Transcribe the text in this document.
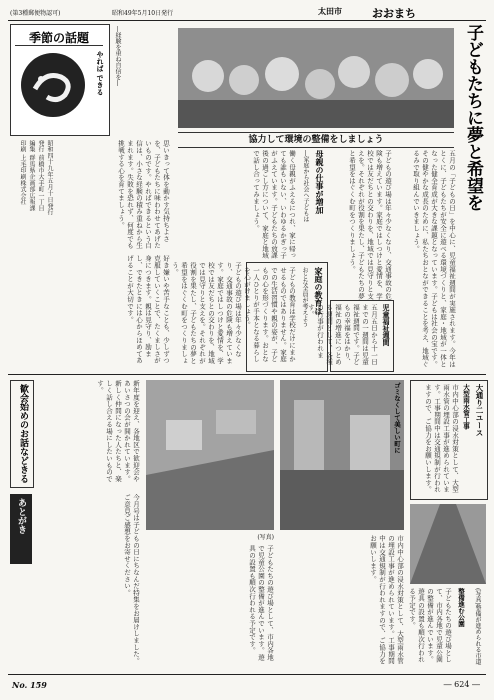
(第3種郵便物認可)	昭和49年5月10日発行	太田市	おおまち
季節の話題
やれば できる	―経験を重ね自信を―
昭和四十九年五月十日発行
発行 前橋市大手町一丁目
編集 群馬県企画部広報課
印刷 上毛印刷株式会社	思いきって体を動かす気持ちよさを、子どもたちに味わわせてあげたいものです。やればできるという自信は、小さな経験の積み重ねから生まれます。失敗を恐れず、何度でも挑戦する心を育てましょう。
好き嫌いや苦手なことも、少しずつ克服していくことで、たくましさが身につきます。親は見守り、励まし、できたときには心からほめてあげることが大切です。
子どもたちに夢と希望を
協力して環境の整備をしましょう
五月の「子どもの日」を中心に、児童福祉週間が実施されます。今年はとくに、子どもたちが安全に遊べる環境づくりと、家庭・地域が一体となった健全育成が大きな課題となっています。子どもは社会の宝です。その健やかな成長のために、私たちおとなができることを考え、地域ぐるみで取り組んでいきましょう。
子どもの遊び場は年々少なくなり、交通事故の危険も増えています。家庭ではしつけと愛情を、学校では友だちとの交わりを、地域では見守りと支えを。それぞれが役割を果たし、子どもたちの夢と希望をはぐくむ町をつくりましょう。
児童福祉週間
五月五日から十一日までの一週間は児童福祉週間です。子どもの幸福をはかり、福祉の増進につとめる週間として、各種の行事が行われます。
母親の仕事が増加
―家庭から社会へ子どもは
働く母親がふえるにつれ、家に帰っても誰もいない、いわゆるかぎっ子がふえています。子どもたちの放課後の過ごし方について、家庭と地域で話し合ってみましょう。
家庭の教育は
おとな全員が考えよう
子どもの教育は学校だけにまかせるものではありません。家庭での生活習慣や親の姿が、子どもの心を形づくります。おとな一人ひとりが手本となる暮らしを心がけましょう。
子どもの遊び場は年々少なくなり、交通事故の危険も増えています。家庭ではしつけと愛情を、学校では友だちとの交わりを、地域では見守りと支えを。それぞれが役割を果たし、子どもたちの夢と希望をはぐくむ町をつくりましょう。
歓会始めのお話などきる	新年度を迎え、各地区で歓迎会やあいさつの会が開かれています。新しく仲間になった人たちと、楽しく話し合える場にしたいものです。
あとがき	今月号は子どもの日にちなんだ特集をお届けしました。ご意見ご感想をお寄せください。	(写真)
子どもたちの遊び場として、市内各地で児童公園の整備が進んでいます。遊具の設置も順次行われる予定です。
ゴミなくして美しい町に
市内中心部の浸水対策として、大型雨水管の埋設工事が進められています。工事期間中は交通規制が行われますので、ご協力をお願いします。
大通り二ユース
大型雨水管工事
市内中心部の浸水対策として、大型雨水管の埋設工事が進められています。工事期間中は交通規制が行われますので、ご協力をお願いします。
(写真)整備が進められる市道
整備進む公園
子どもたちの遊び場として、市内各地で児童公園の整備が進んでいます。遊具の設置も順次行われる予定です。
No. 159	― 624 ―
